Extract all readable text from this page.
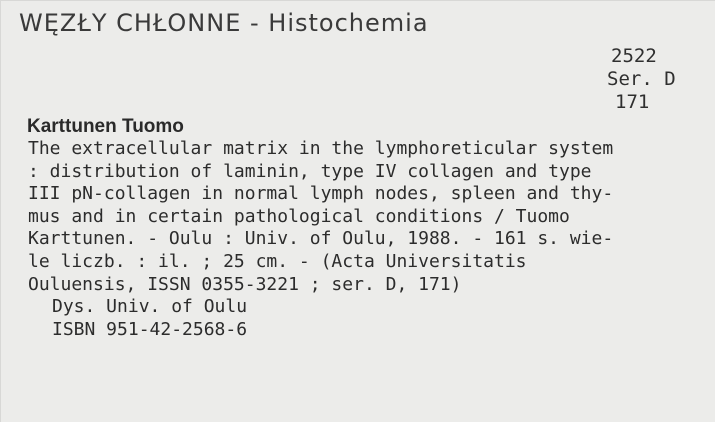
WĘZŁY CHŁONNE - Histochemia
2522
Ser. D
171
Karttunen Tuomo
The extracellular matrix in the lymphoreticular system
: distribution of laminin, type IV collagen and type
III pN-collagen in normal lymph nodes, spleen and thy-
mus and in certain pathological conditions / Tuomo
Karttunen. - Oulu : Univ. of Oulu, 1988. - 161 s. wie-
le liczb. : il. ; 25 cm. - (Acta Universitatis
Ouluensis, ISSN 0355-3221 ; ser. D, 171)
Dys. Univ. of Oulu
ISBN 951-42-2568-6
